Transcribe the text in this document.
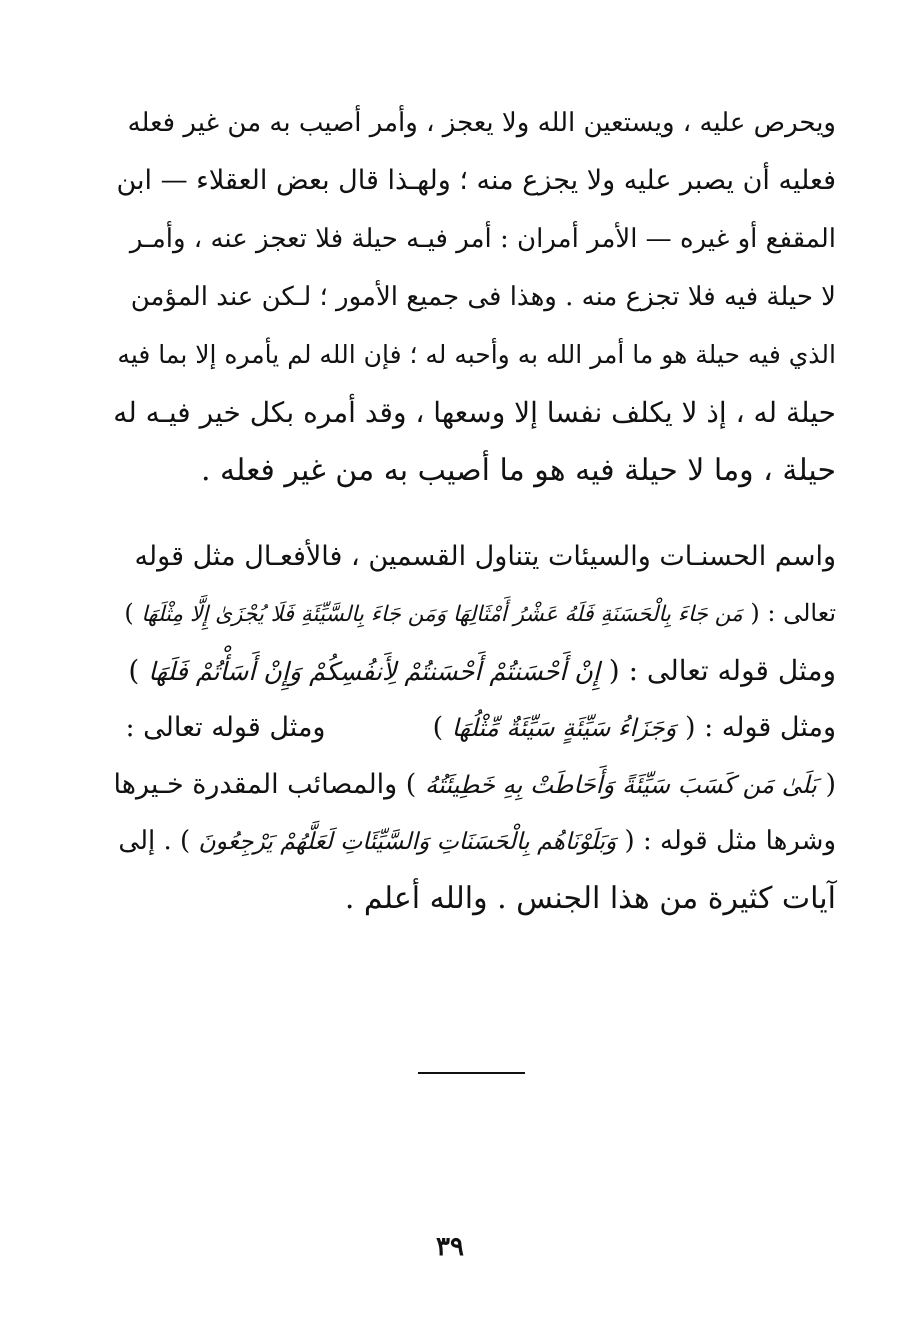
ويحرص عليه ، ويستعين الله ولا يعجز ، وأمر أصيب به من غير فعله
فعليه أن يصبر عليه ولا يجزع منه ؛ ولهـذا قال بعض العقلاء — ابن
المقفع أو غيره — الأمر أمران : أمر فيـه حيلة فلا تعجز عنه ، وأمـر
لا حيلة فيه فلا تجزع منه . وهذا فى جميع الأمور ؛ لـكن عند المؤمن
الذي فيه حيلة هو ما أمر الله به وأحبه له ؛ فإن الله لم يأمره إلا بما فيه
حيلة له ، إذ لا يكلف نفسا إلا وسعها ، وقد أمره بكل خير فيـه له
حيلة ، وما لا حيلة فيه هو ما أصيب به من غير فعله .
واسم الحسنـات والسيئات يتناول القسمين ، فالأفعـال مثل قوله
تعالى : ( مَن جَاءَ بِالْحَسَنَةِ فَلَهُ عَشْرُ أَمْثَالِهَا وَمَن جَاءَ بِالسَّيِّئَةِ فَلَا يُجْزَىٰ إِلَّا مِثْلَهَا )
ومثل قوله تعالى : ( إِنْ أَحْسَنتُمْ أَحْسَنتُمْ لِأَنفُسِكُمْ وَإِنْ أَسَأْتُمْ فَلَهَا )
ومثل قوله : ( وَجَزَاءُ سَيِّئَةٍ سَيِّئَةٌ مِّثْلُهَا )  ومثل قوله تعالى :
( بَلَىٰ مَن كَسَبَ سَيِّئَةً وَأَحَاطَتْ بِهِ خَطِيئَتُهُ ) والمصائب المقدرة خـيرها
وشرها مثل قوله : ( وَبَلَوْنَاهُم بِالْحَسَنَاتِ وَالسَّيِّئَاتِ لَعَلَّهُمْ يَرْجِعُونَ ) . إلى
آيات كثيرة من هذا الجنس . والله أعلم .
٣٩
